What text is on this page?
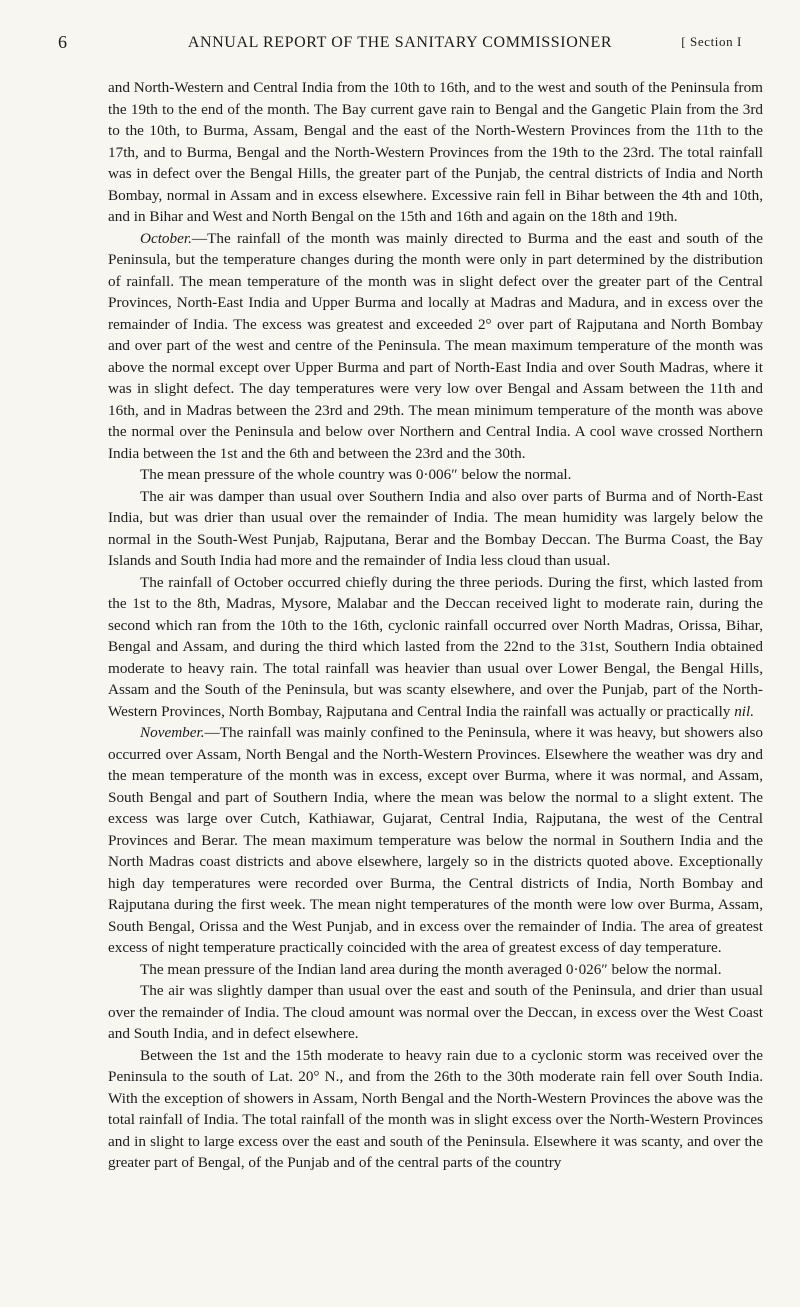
6	ANNUAL REPORT OF THE SANITARY COMMISSIONER	[ Section I

and North-Western and Central India from the 10th to 16th, and to the west and south of the Peninsula from the 19th to the end of the month. The Bay current gave rain to Bengal and the Gangetic Plain from the 3rd to the 10th, to Burma, Assam, Bengal and the east of the North-Western Provinces from the 11th to the 17th, and to Burma, Bengal and the North-Western Provinces from the 19th to the 23rd. The total rainfall was in defect over the Bengal Hills, the greater part of the Punjab, the central districts of India and North Bombay, normal in Assam and in excess elsewhere. Excessive rain fell in Bihar between the 4th and 10th, and in Bihar and West and North Bengal on the 15th and 16th and again on the 18th and 19th.

October.—The rainfall of the month was mainly directed to Burma and the east and south of the Peninsula, but the temperature changes during the month were only in part determined by the distribution of rainfall. The mean temperature of the month was in slight defect over the greater part of the Central Provinces, North-East India and Upper Burma and locally at Madras and Madura, and in excess over the remainder of India. The excess was greatest and exceeded 2° over part of Rajputana and North Bombay and over part of the west and centre of the Peninsula. The mean maximum temperature of the month was above the normal except over Upper Burma and part of North-East India and over South Madras, where it was in slight defect. The day temperatures were very low over Bengal and Assam between the 11th and 16th, and in Madras between the 23rd and 29th. The mean minimum temperature of the month was above the normal over the Peninsula and below over Northern and Central India. A cool wave crossed Northern India between the 1st and the 6th and between the 23rd and the 30th.

The mean pressure of the whole country was 0·006″ below the normal.

The air was damper than usual over Southern India and also over parts of Burma and of North-East India, but was drier than usual over the remainder of India. The mean humidity was largely below the normal in the South-West Punjab, Rajputana, Berar and the Bombay Deccan. The Burma Coast, the Bay Islands and South India had more and the remainder of India less cloud than usual.

The rainfall of October occurred chiefly during the three periods. During the first, which lasted from the 1st to the 8th, Madras, Mysore, Malabar and the Deccan received light to moderate rain, during the second which ran from the 10th to the 16th, cyclonic rainfall occurred over North Madras, Orissa, Bihar, Bengal and Assam, and during the third which lasted from the 22nd to the 31st, Southern India obtained moderate to heavy rain. The total rainfall was heavier than usual over Lower Bengal, the Bengal Hills, Assam and the South of the Peninsula, but was scanty elsewhere, and over the Punjab, part of the North-Western Provinces, North Bombay, Rajputana and Central India the rainfall was actually or practically nil.

November.—The rainfall was mainly confined to the Peninsula, where it was heavy, but showers also occurred over Assam, North Bengal and the North-Western Provinces. Elsewhere the weather was dry and the mean temperature of the month was in excess, except over Burma, where it was normal, and Assam, South Bengal and part of Southern India, where the mean was below the normal to a slight extent. The excess was large over Cutch, Kathiawar, Gujarat, Central India, Rajputana, the west of the Central Provinces and Berar. The mean maximum temperature was below the normal in Southern India and the North Madras coast districts and above elsewhere, largely so in the districts quoted above. Exceptionally high day temperatures were recorded over Burma, the Central districts of India, North Bombay and Rajputana during the first week. The mean night temperatures of the month were low over Burma, Assam, South Bengal, Orissa and the West Punjab, and in excess over the remainder of India. The area of greatest excess of night temperature practically coincided with the area of greatest excess of day temperature.

The mean pressure of the Indian land area during the month averaged 0·026″ below the normal.

The air was slightly damper than usual over the east and south of the Peninsula, and drier than usual over the remainder of India. The cloud amount was normal over the Deccan, in excess over the West Coast and South India, and in defect elsewhere.

Between the 1st and the 15th moderate to heavy rain due to a cyclonic storm was received over the Peninsula to the south of Lat. 20° N., and from the 26th to the 30th moderate rain fell over South India. With the exception of showers in Assam, North Bengal and the North-Western Provinces the above was the total rainfall of India. The total rainfall of the month was in slight excess over the North-Western Provinces and in slight to large excess over the east and south of the Peninsula. Elsewhere it was scanty, and over the greater part of Bengal, of the Punjab and of the central parts of the country
